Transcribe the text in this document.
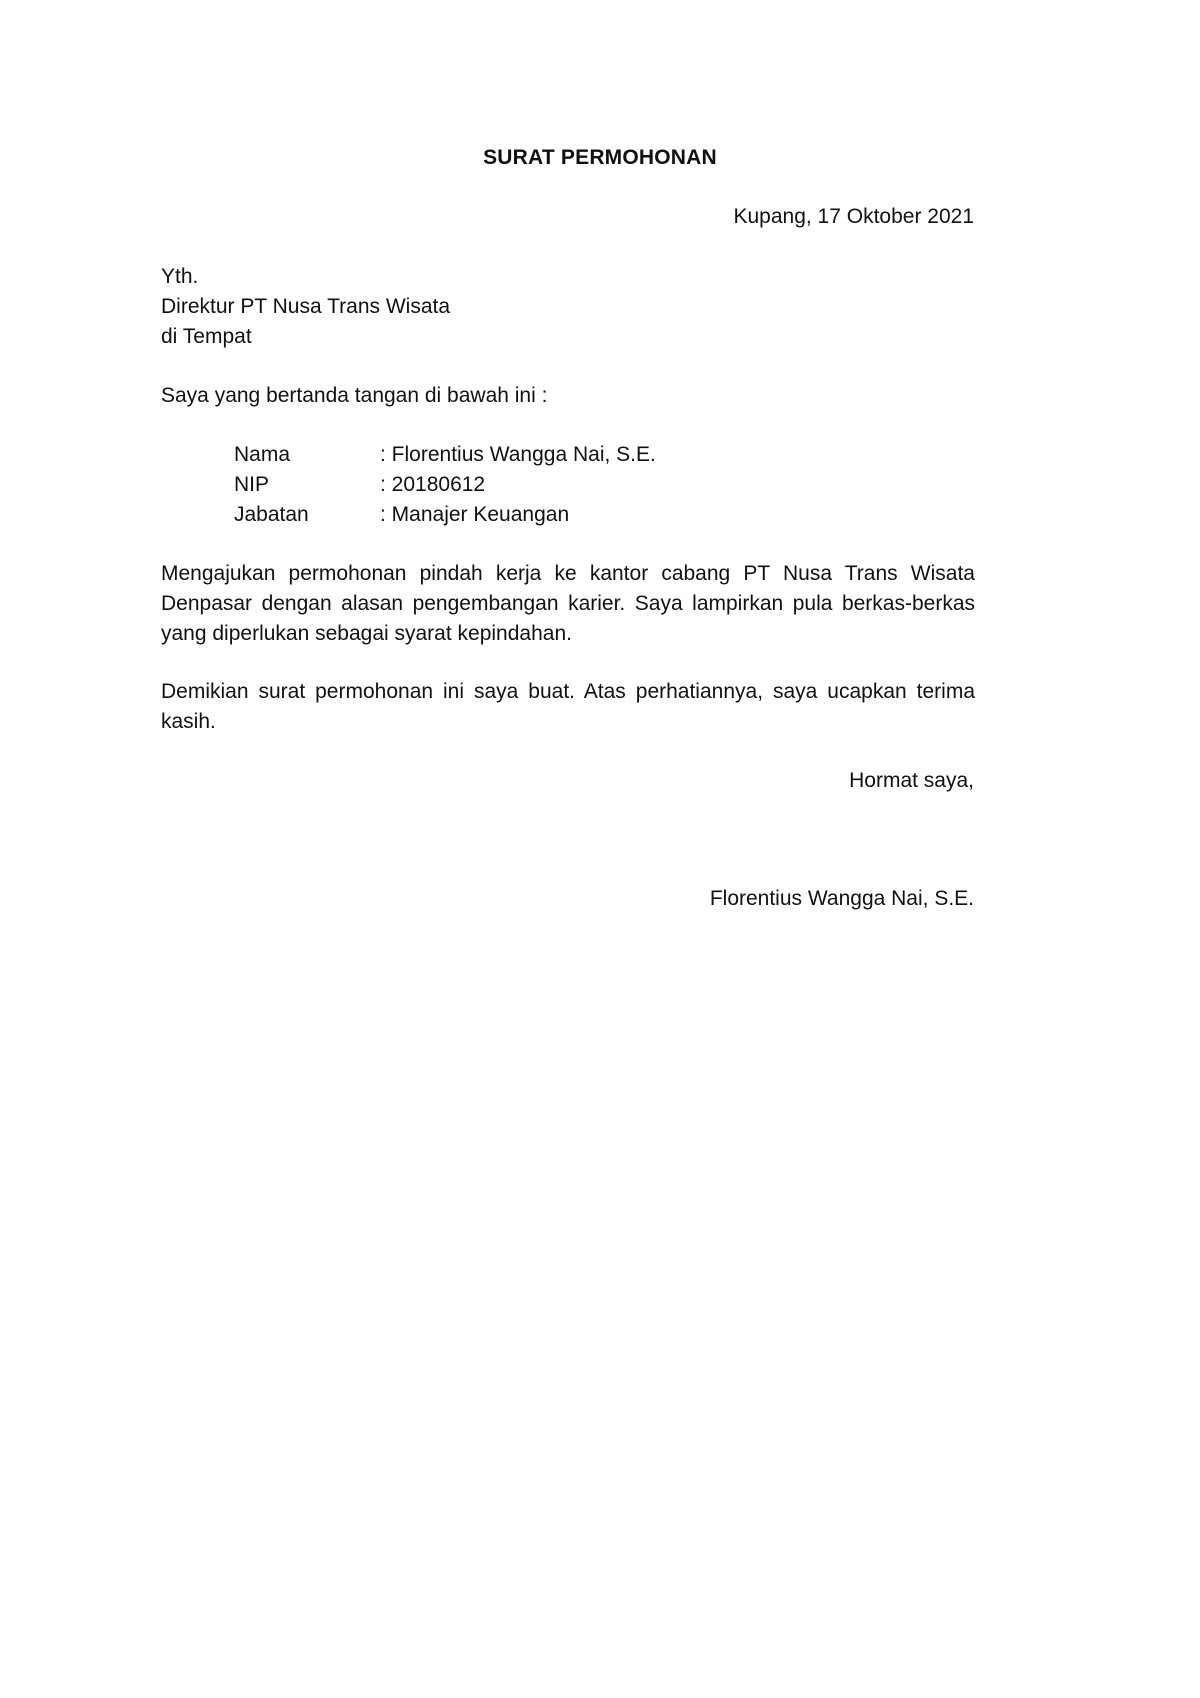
SURAT PERMOHONAN
Kupang, 17 Oktober 2021
Yth.
Direktur PT Nusa Trans Wisata
di Tempat
Saya yang bertanda tangan di bawah ini :
Nama	: Florentius Wangga Nai, S.E.
NIP	: 20180612
Jabatan	: Manajer Keuangan
Mengajukan permohonan pindah kerja ke kantor cabang PT Nusa Trans Wisata Denpasar dengan alasan pengembangan karier. Saya lampirkan pula berkas-berkas yang diperlukan sebagai syarat kepindahan.
Demikian surat permohonan ini saya buat. Atas perhatiannya, saya ucapkan terima kasih.
Hormat saya,
Florentius Wangga Nai, S.E.
